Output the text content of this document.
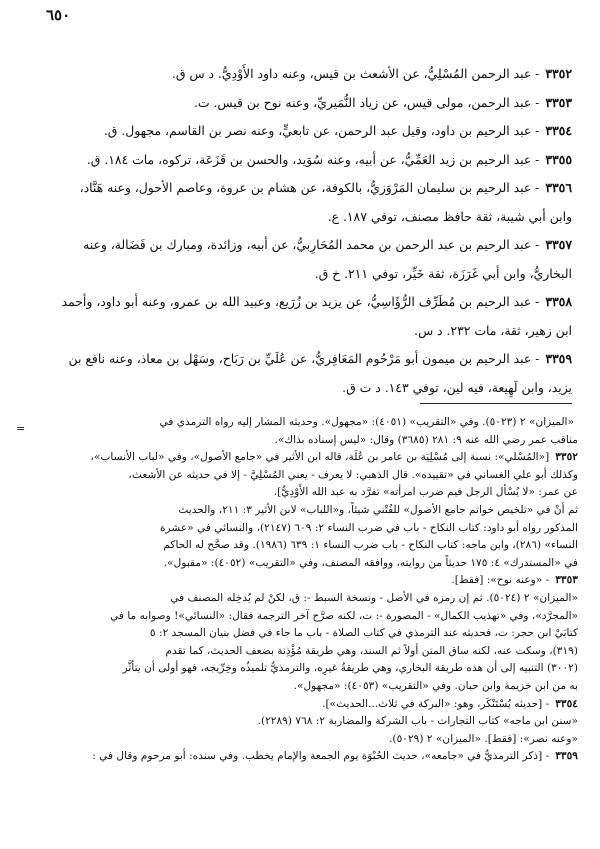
٦٥٠
٣٣٥٢- عبد الرحمن المُسْلِيُّ، عن الأشعث بن قيس، وعنه داود الأَوْدِيُّ. د س ق.
٣٣٥٣- عبد الرحمن، مولى قيس، عن زياد النُّمَيريِّ، وعنه نوح بن قيس. ت.
٣٣٥٤- عبد الرحيم بن داود، وقيل عبد الرحمن، عن تابعيٍّ، وعنه نصر بن القاسم، مجهول. ق.
٣٣٥٥- عبد الرحيم بن زيد العَمِّيُّ، عن أبيه، وعنه سُوَيد، والحسن بن قَزَعَة، تركوه، مات ١٨٤. ق.
٣٣٥٦- عبد الرحيم بن سليمان المَرْوَزيُّ، بالكوفة، عن هشام بن عروة، وعاصم الأحول، وعنه هَنَّاد،
وابن أبي شيبة، ثقة حافظ مصنف، توفي ١٨٧. ع.
٣٣٥٧- عبد الرحيم بن عبد الرحمن بن محمد المُحَارِبيُّ، عن أبيه، وزائدة، ومبارك بن فَضَالة، وعنه
البخاريُّ، وابن أبي غَرَزَة، ثقة خَيِّر، توفي ٢١١. خ ق.
٣٣٥٨- عبد الرحيم بن مُطَرِّف الرُّؤَاسِيُّ، عن يزيد بن زُرَيع، وعبيد الله بن عمرو، وعنه أبو داود، وأحمد
ابن زهير، ثقة، مات ٢٣٢. د س.
٣٣٥٩- عبد الرحيم بن ميمون أبو مَرْحُوم المَعَافِريُّ، عن عُلَيِّ بن رَبَاح، وسَهْل بن معاذ، وعنه نافع بن
يزيد، وابن لَهِيعة، فيه لين، توفي ١٤٣. د ت ق.
=	«الميزان» ٢ (٥٠٢٣). وفي «التقريب» (٤٠٥١): «مجهول». وحديثه المشار إليه رواه الترمذي في
مناقب عمر رضي الله عنه ٩: ٢٨١ (٣٦٨٥) وقال: «ليس إسناده بذاك».
٣٣٥٢[«المُسْلي»: نسبة إلى مُسْلِيَة بن عامر بن عُلَة، قاله ابن الأثير في «جامع الأصول»، وفي «لباب الأنساب»،
وكذلك أبو علي الغساني في «تقييده». قال الذهبي: لا يعرف - يعني المُسْلِيَّ - إلا في حديثه عن الأشعث،
عن عمر: «لا يُسْأل الرجل فيم ضرب امرأته» تفرَّد به عبد الله الأَوْدِيُّ].
ثم أُنْ في «تلخيص خواتم جامع الأصول» للفُتْني شيئاً، و«اللباب» لابن الأثير ٣: ٢١١، والحديث
المذكور رواه أبو داود: كتاب النكاح - باب في ضرب النساء ٢: ٦٠٩ (٢١٤٧)، والنسائي في «عشرة
النساء» (٢٨٦)، وابن ماجه: كتاب النكاح - باب ضرب النساء ١: ٦٣٩ (١٩٨٦). وقد صحَّح له الحاكم
في «المستدرك» ٤: ١٧٥ حديثاً من روايته، ووافقه المصنف، وفي «التقريب» (٤٠٥٢): «مقبول».
٣٣٥٣- «وعنه نوح»: [فقط].
«الميزان» ٢ (٥٠٢٤). ثم إن رمزه في الأصل - ونسخة السبط -: ق، لكنْ لم يُدخِله المصنف في
«المجرَّد»، وفي «تهذيب الكمال» - المصورة -: ت، لكنه صرَّح آخر الترجمة فقال: «النسائي»! وصوابه ما في
كتابَيْ ابن حجر: ت، فحديثه عند الترمذي في كتاب الصلاة - باب ما جاء في فضل بنيان المسجد ٢: ٥
(٣١٩)، وسكت عنه، لكنه ساق المتن أولاً ثم السند، وهي طريقة مُؤْذِنة بضعف الحديث، كما تقدم
(٣٠٠٢) التنبيه إلى أن هذه طريقة البخاري، وهي طريقةُ غيرِه، والترمذيُّ تلميذُه وخِرِّيجه، فهو أولى أن يتأثَّر
به من ابن خزيمة وابن حبان. وفي «التقريب» (٤٠٥٣): «مجهول».
٣٣٥٤- [حديثه يُسْتَنْكَر، وهو: «البركة في ثلاث...الحديث»].
«سنن ابن ماجه» كتاب التجارات - باب الشركة والمضاربة ٢: ٧٦٨ (٢٢٨٩).
«وعنه نصر»: [فقط]. «الميزان» ٢ (٥٠٢٩).
٣٣٥٩- [ذكر الترمذيُّ في «جامعه»، حديث الحُبْوَة يوم الجمعة والإمام يخطب. وفي سنده: أبو مرحوم وقال في :
